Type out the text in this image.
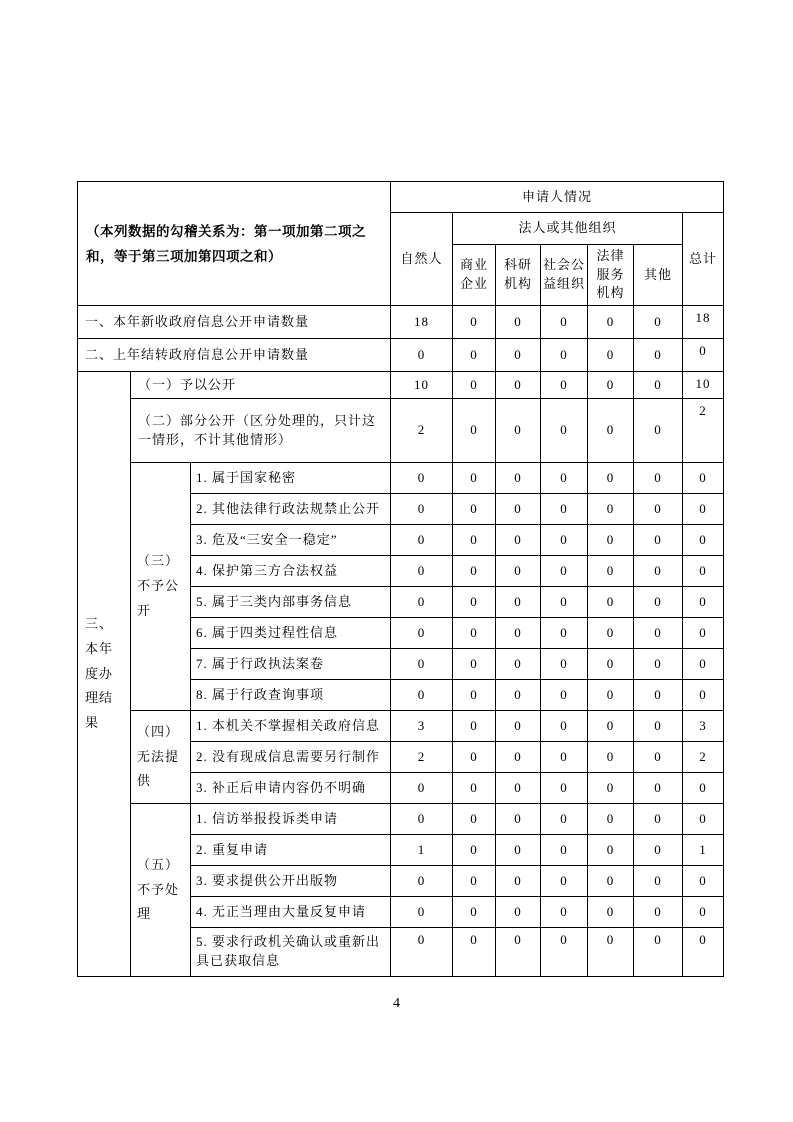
（本列数据的勾稽关系为：第一项加第二项之和，等于第三项加第四项之和）			申请人情况						
			自然人	法人或其他组织					总计
				商业企业	科研机构	社会公益组织	法律服务机构	其他	
一、本年新收政府信息公开申请数量			18	0	0	0	0	0	18
二、上年结转政府信息公开申请数量			0	0	0	0	0	0	0
三、本年度办理结果	（一）予以公开		10	0	0	0	0	0	10
	（二）部分公开（区分处理的，只计这一情形，不计其他情形）		2	0	0	0	0	0	2
	（三）不予公开	1. 属于国家秘密	0	0	0	0	0	0	0
		2. 其他法律行政法规禁止公开	0	0	0	0	0	0	0
		3. 危及“三安全一稳定”	0	0	0	0	0	0	0
		4. 保护第三方合法权益	0	0	0	0	0	0	0
		5. 属于三类内部事务信息	0	0	0	0	0	0	0
		6. 属于四类过程性信息	0	0	0	0	0	0	0
		7. 属于行政执法案卷	0	0	0	0	0	0	0
		8. 属于行政查询事项	0	0	0	0	0	0	0
	（四）无法提供	1. 本机关不掌握相关政府信息	3	0	0	0	0	0	3
		2. 没有现成信息需要另行制作	2	0	0	0	0	0	2
		3. 补正后申请内容仍不明确	0	0	0	0	0	0	0
	（五）不予处理	1. 信访举报投诉类申请	0	0	0	0	0	0	0
		2. 重复申请	1	0	0	0	0	0	1
		3. 要求提供公开出版物	0	0	0	0	0	0	0
		4. 无正当理由大量反复申请	0	0	0	0	0	0	0
		5. 要求行政机关确认或重新出具已获取信息	0	0	0	0	0	0	0
4
